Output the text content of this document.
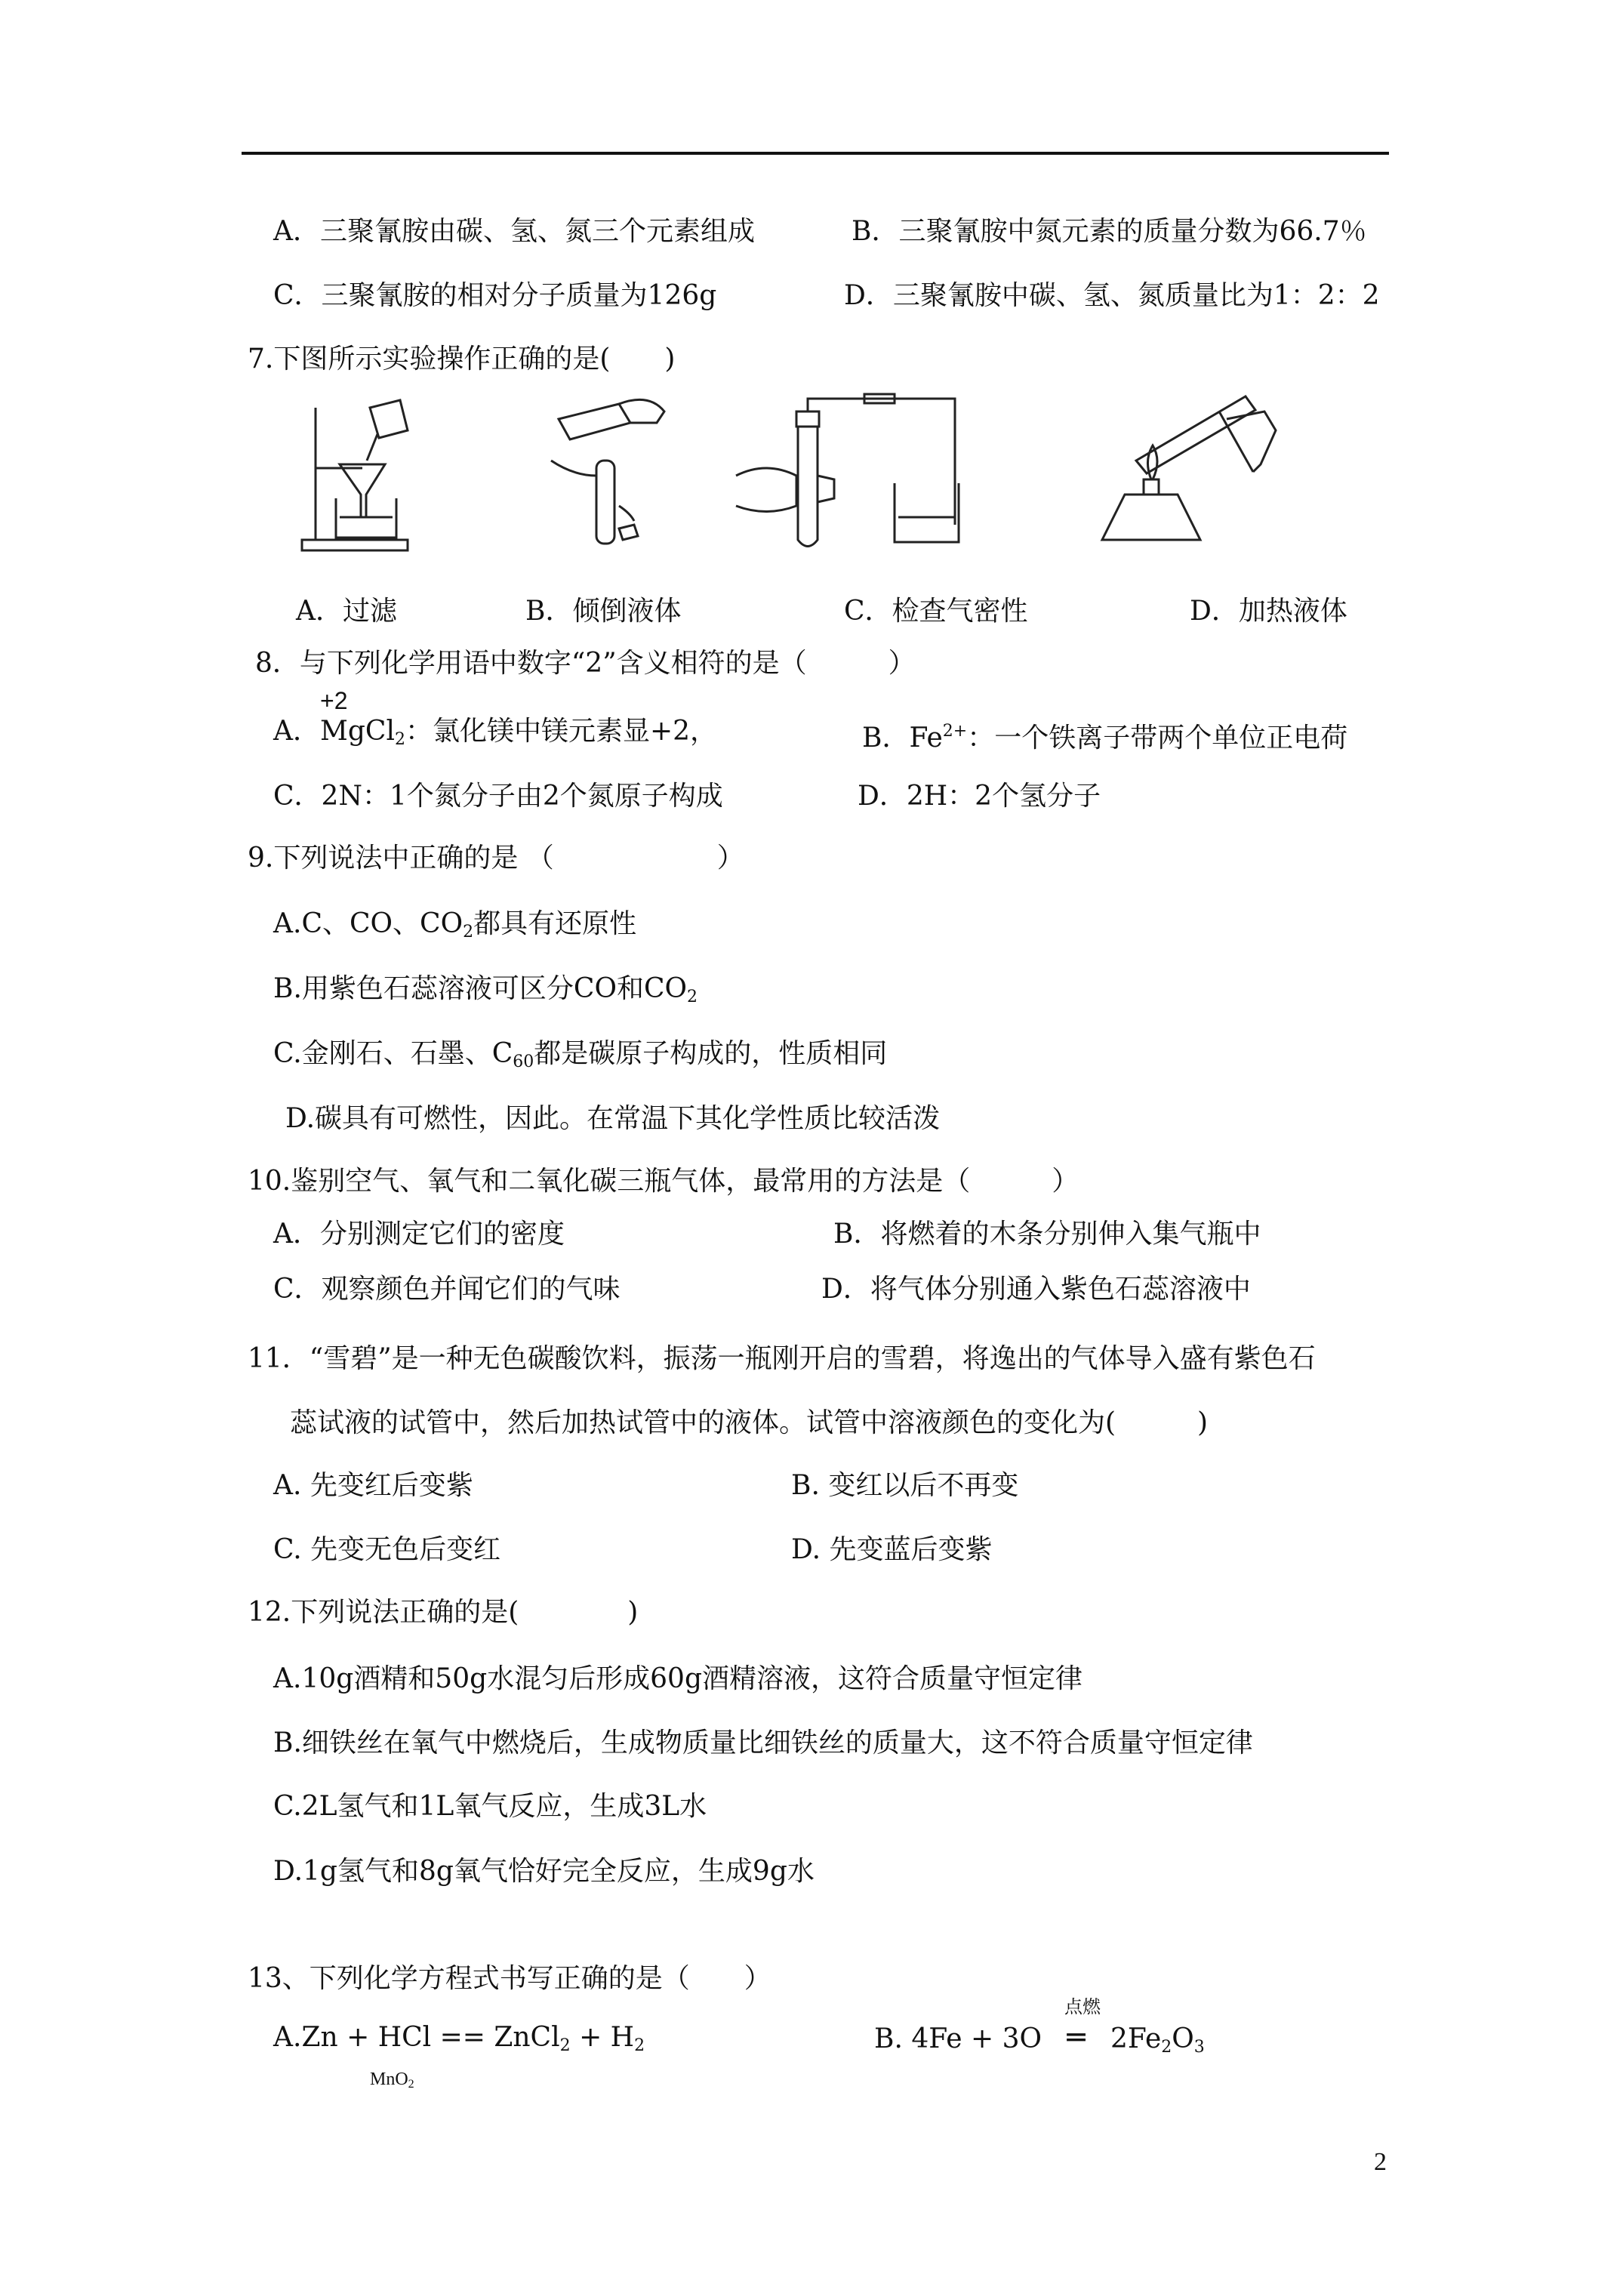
A．三聚氰胺由碳、氢、氮三个元素组成	B．三聚氰胺中氮元素的质量分数为66.7％
C．三聚氰胺的相对分子质量为126g	D．三聚氰胺中碳、氢、氮质量比为1：2：2
7.下图所示实验操作正确的是(　　)
A．过滤	B．倾倒液体	C．检查气密性	D．加热液体
8．与下列化学用语中数字“2”含义相符的是（　　　）
+2
A．MgCl$_2$：氯化镁中镁元素显+2，	B．$Fe^{2+}$：一个铁离子带两个单位正电荷
C．2N：1个氮分子由2个氮原子构成	D．2H：2个氢分子
9.下列说法中正确的是 （　　　　　　）
A.C、CO、$CO_2$都具有还原性
B.用紫色石蕊溶液可区分CO和$CO_2$
C.金刚石、石墨、$C_{60}$都是碳原子构成的，性质相同
D.碳具有可燃性，因此。在常温下其化学性质比较活泼
10.鉴别空气、氧气和二氧化碳三瓶气体，最常用的方法是（　　　）
A．分别测定它们的密度	B．将燃着的木条分别伸入集气瓶中
C．观察颜色并闻它们的气味	D．将气体分别通入紫色石蕊溶液中
11．“雪碧”是一种无色碳酸饮料，振荡一瓶刚开启的雪碧，将逸出的气体导入盛有紫色石
蕊试液的试管中，然后加热试管中的液体。试管中溶液颜色的变化为(　　　)
A. 先变红后变紫	B. 变红以后不再变
C. 先变无色后变红	D. 先变蓝后变紫
12.下列说法正确的是(　　　　)
A.10g酒精和50g水混匀后形成60g酒精溶液，这符合质量守恒定律
B.细铁丝在氧气中燃烧后，生成物质量比细铁丝的质量大，这不符合质量守恒定律
C.2L氢气和1L氧气反应，生成3L水
D.1g氢气和8g氧气恰好完全反应，生成9g水
13、下列化学方程式书写正确的是（　　）
A.Zn + HCl == ZnCl$_2$ + $H_2$
点燃
B. 4Fe + 3O ═ $2Fe_2O_3$
MnO$_2$
2
